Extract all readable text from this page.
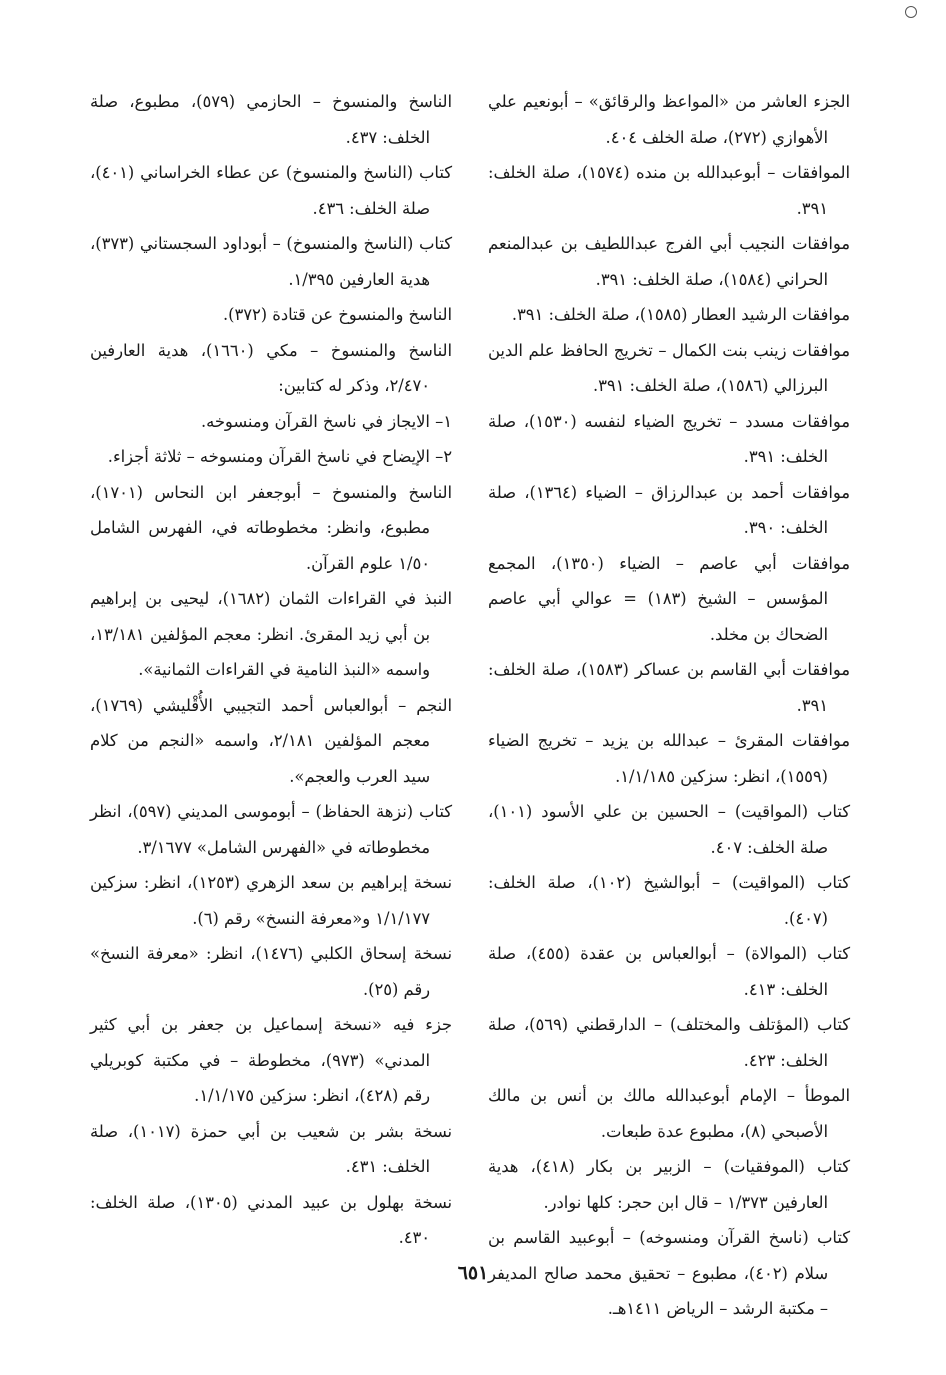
الجزء العاشر من «المواعظ والرقائق» – أبونعيم علي الأهوازي (٢٧٢)، صلة الخلف ٤٠٤.

الموافقات – أبوعبدالله بن منده (١٥٧٤)، صلة الخلف: ٣٩١.

موافقات النجيب أبي الفرج عبداللطيف بن عبدالمنعم الحراني (١٥٨٤)، صلة الخلف: ٣٩١.

موافقات الرشيد العطار (١٥٨٥)، صلة الخلف: ٣٩١.

موافقات زينب بنت الكمال – تخريج الحافظ علم الدين البرزالي (١٥٨٦)، صلة الخلف: ٣٩١.

موافقات مسدد – تخريج الضياء لنفسه (١٥٣٠)، صلة الخلف: ٣٩١.

موافقات أحمد بن عبدالرزاق – الضياء (١٣٦٤)، صلة الخلف: ٣٩٠.

موافقات أبي عاصم – الضياء (١٣٥٠)، المجمع المؤسس – الشيخ (١٨٣) = عوالي أبي عاصم الضحاك بن مخلد.

موافقات أبي القاسم بن عساكر (١٥٨٣)، صلة الخلف: ٣٩١.

موافقات المقرئ – عبدالله بن يزيد – تخريج الضياء (١٥٥٩)، انظر: سزكين ١/١/١٨٥.

كتاب (المواقيت) – الحسين بن علي الأسود (١٠١)، صلة الخلف: ٤٠٧.

كتاب (المواقيت) – أبوالشيخ (١٠٢)، صلة الخلف: (٤٠٧).

كتاب (الموالاة) – أبوالعباس بن عقدة (٤٥٥)، صلة الخلف: ٤١٣.

كتاب (المؤتلف والمختلف) – الدارقطني (٥٦٩)، صلة الخلف: ٤٢٣.

الموطأ – الإمام أبوعبدالله مالك بن أنس بن مالك الأصبحي (٨)، مطبوع عدة طبعات.

كتاب (الموفقيات) – الزبير بن بكار (٤١٨)، هدية العارفين ١/٣٧٣ – قال ابن حجر: كلها نوادر.

كتاب (ناسخ القرآن ومنسوخه) – أبوعبيد القاسم بن سلام (٤٠٢)، مطبوع – تحقيق محمد صالح المديفر – مكتبة الرشد – الرياض ١٤١١هـ.

الناسخ والمنسوخ – الحازمي (٥٧٩)، مطبوع، صلة الخلف: ٤٣٧.

كتاب (الناسخ والمنسوخ) عن عطاء الخراساني (٤٠١)، صلة الخلف: ٤٣٦.

كتاب (الناسخ والمنسوخ) – أبوداود السجستاني (٣٧٣)، هدية العارفين ١/٣٩٥.

الناسخ والمنسوخ عن قتادة (٣٧٢).

الناسخ والمنسوخ – مكي (١٦٦٠)، هدية العارفين ٢/٤٧٠، وذكر له كتابين:

١– الايجاز في ناسخ القرآن ومنسوخه.

٢– الإيضاح في ناسخ القرآن ومنسوخه – ثلاثة أجزاء.

الناسخ والمنسوخ – أبوجعفر ابن النحاس (١٧٠١)، مطبوع، وانظر: مخطوطاته في، الفهرس الشامل ١/٥٠ علوم القرآن.

النبذ في القراءات الثمان (١٦٨٢)، ليحيى بن إبراهيم بن أبي زيد المقرئ. انظر: معجم المؤلفين ١٣/١٨١، واسمه «النبذ النامية في القراءات الثمانية».

النجم – أبوالعباس أحمد التجيبي الأُقْليشي (١٧٦٩)، معجم المؤلفين ٢/١٨١، واسمه «النجم من كلام سيد العرب والعجم».

كتاب (نزهة الحفاظ) – أبوموسى المديني (٥٩٧)، انظر مخطوطاته في «الفهرس الشامل» ٣/١٦٧٧.

نسخة إبراهيم بن سعد الزهري (١٢٥٣)، انظر: سزكين ١/١/١٧٧ و«معرفة النسخ» رقم (٦).

نسخة إسحاق الكلبي (١٤٧٦)، انظر: «معرفة النسخ» رقم (٢٥).

جزء فيه «نسخة إسماعيل بن جعفر بن أبي كثير المدني» (٩٧٣)، مخطوطة – في مكتبة كوبريلي رقم (٤٢٨)، انظر: سزكين ١/١/١٧٥.

نسخة بشر بن شعيب بن أبي حمزة (١٠١٧)، صلة الخلف: ٤٣١.

نسخة بهلول بن عبيد المدني (١٣٠٥)، صلة الخلف: ٤٣٠.

٦٥١
